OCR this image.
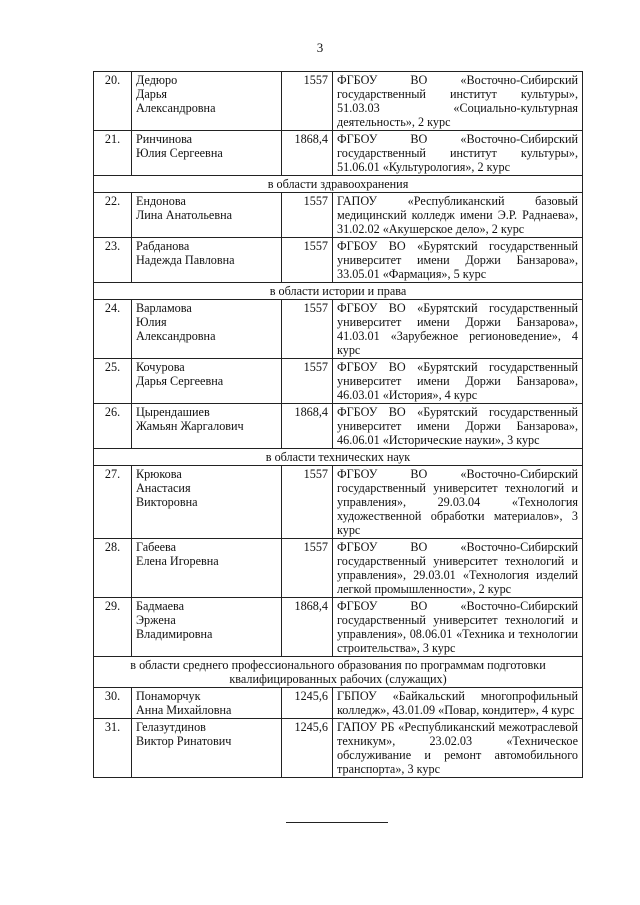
3
20.	Дедюро
Дарья
Александровна	1557	ФГБОУ ВО «Восточно-Сибирский государственный институт культуры», 51.03.03 «Социально-культурная деятельность», 2 курс
21.	Ринчинова
Юлия Сергеевна	1868,4	ФГБОУ ВО «Восточно-Сибирский государственный институт культуры», 51.06.01 «Культурология», 2 курс
в области здравоохранения			
22.	Ендонова
Лина Анатольевна	1557	ГАПОУ «Республиканский базовый медицинский колледж имени Э.Р. Раднаева», 31.02.02 «Акушерское дело», 2 курс
23.	Рабданова
Надежда Павловна	1557	ФГБОУ ВО «Бурятский государственный университет имени Доржи Банзарова», 33.05.01 «Фармация», 5 курс
в области истории и права			
24.	Варламова
Юлия
Александровна	1557	ФГБОУ ВО «Бурятский государственный университет имени Доржи Банзарова», 41.03.01 «Зарубежное регионоведение», 4 курс
25.	Кочурова
Дарья Сергеевна	1557	ФГБОУ ВО «Бурятский государственный университет имени Доржи Банзарова», 46.03.01 «История», 4 курс
26.	Цырендашиев
Жамьян Жаргалович	1868,4	ФГБОУ ВО «Бурятский государственный университет имени Доржи Банзарова», 46.06.01 «Исторические науки», 3 курс
в области технических наук			
27.	Крюкова
Анастасия
Викторовна	1557	ФГБОУ ВО «Восточно-Сибирский государственный университет технологий и управления», 29.03.04 «Технология художественной обработки материалов», 3 курс
28.	Габеева
Елена Игоревна	1557	ФГБОУ ВО «Восточно-Сибирский государственный университет технологий и управления», 29.03.01 «Технология изделий легкой промышленности», 2 курс
29.	Бадмаева
Эржена
Владимировна	1868,4	ФГБОУ ВО «Восточно-Сибирский государственный университет технологий и управления», 08.06.01 «Техника и технологии строительства», 3 курс
в области среднего профессионального образования по программам подготовки квалифицированных рабочих (служащих)			
30.	Понаморчук
Анна Михайловна	1245,6	ГБПОУ «Байкальский многопрофильный колледж», 43.01.09 «Повар, кондитер», 4 курс
31.	Гелазутдинов
Виктор Ринатович	1245,6	ГАПОУ РБ «Республиканский межотраслевой техникум», 23.02.03 «Техническое обслуживание и ремонт автомобильного транспорта», 3 курс
